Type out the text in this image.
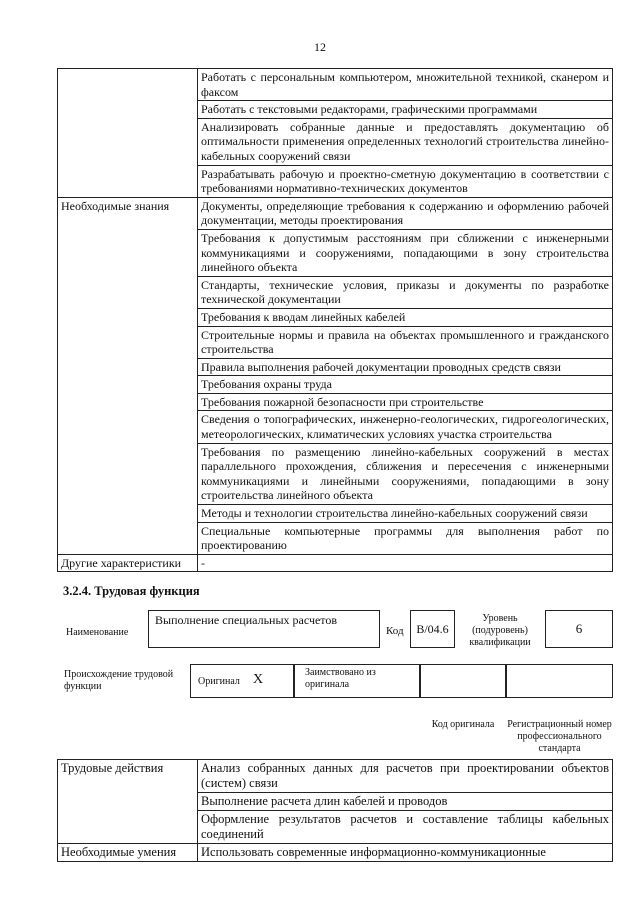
12
	Работать с персональным компьютером, множительной техникой, сканером и факсом
	Работать с текстовыми редакторами, графическими программами
	Анализировать собранные данные и предоставлять документацию об оптимальности применения определенных технологий строительства линейно-кабельных сооружений связи
	Разрабатывать рабочую и проектно-сметную документацию в соответствии с требованиями нормативно-технических документов
Необходимые знания	Документы, определяющие требования к содержанию и оформлению рабочей документации, методы проектирования
	Требования к допустимым расстояниям при сближении с инженерными коммуникациями и сооружениями, попадающими в зону строительства линейного объекта
	Стандарты, технические условия, приказы и документы по разработке технической документации
	Требования к вводам линейных кабелей
	Строительные нормы и правила на объектах промышленного и гражданского строительства
	Правила выполнения рабочей документации проводных средств связи
	Требования охраны труда
	Требования пожарной безопасности при строительстве
	Сведения о топографических, инженерно-геологических, гидрогеологических, метеорологических, климатических условиях участка строительства
	Требования по размещению линейно-кабельных сооружений в местах параллельного прохождения, сближения и пересечения с инженерными коммуникациями и линейными сооружениями, попадающими в зону строительства линейного объекта
	Методы и технологии строительства линейно-кабельных сооружений связи
	Специальные компьютерные программы для выполнения работ по проектированию
Другие характеристики	-
3.2.4. Трудовая функция
Наименование
Выполнение специальных расчетов
Код В/04.6
Уровень (подуровень) квалификации
6
Происхождение трудовой функции	Оригинал X	Заимствовано из оригинала
Код оригинала	Регистрационный номер профессионального стандарта
Трудовые действия	Анализ собранных данных для расчетов при проектировании объектов (систем) связи
	Выполнение расчета длин кабелей и проводов
	Оформление результатов расчетов и составление таблицы кабельных соединений
Необходимые умения	Использовать современные информационно-коммуникационные
